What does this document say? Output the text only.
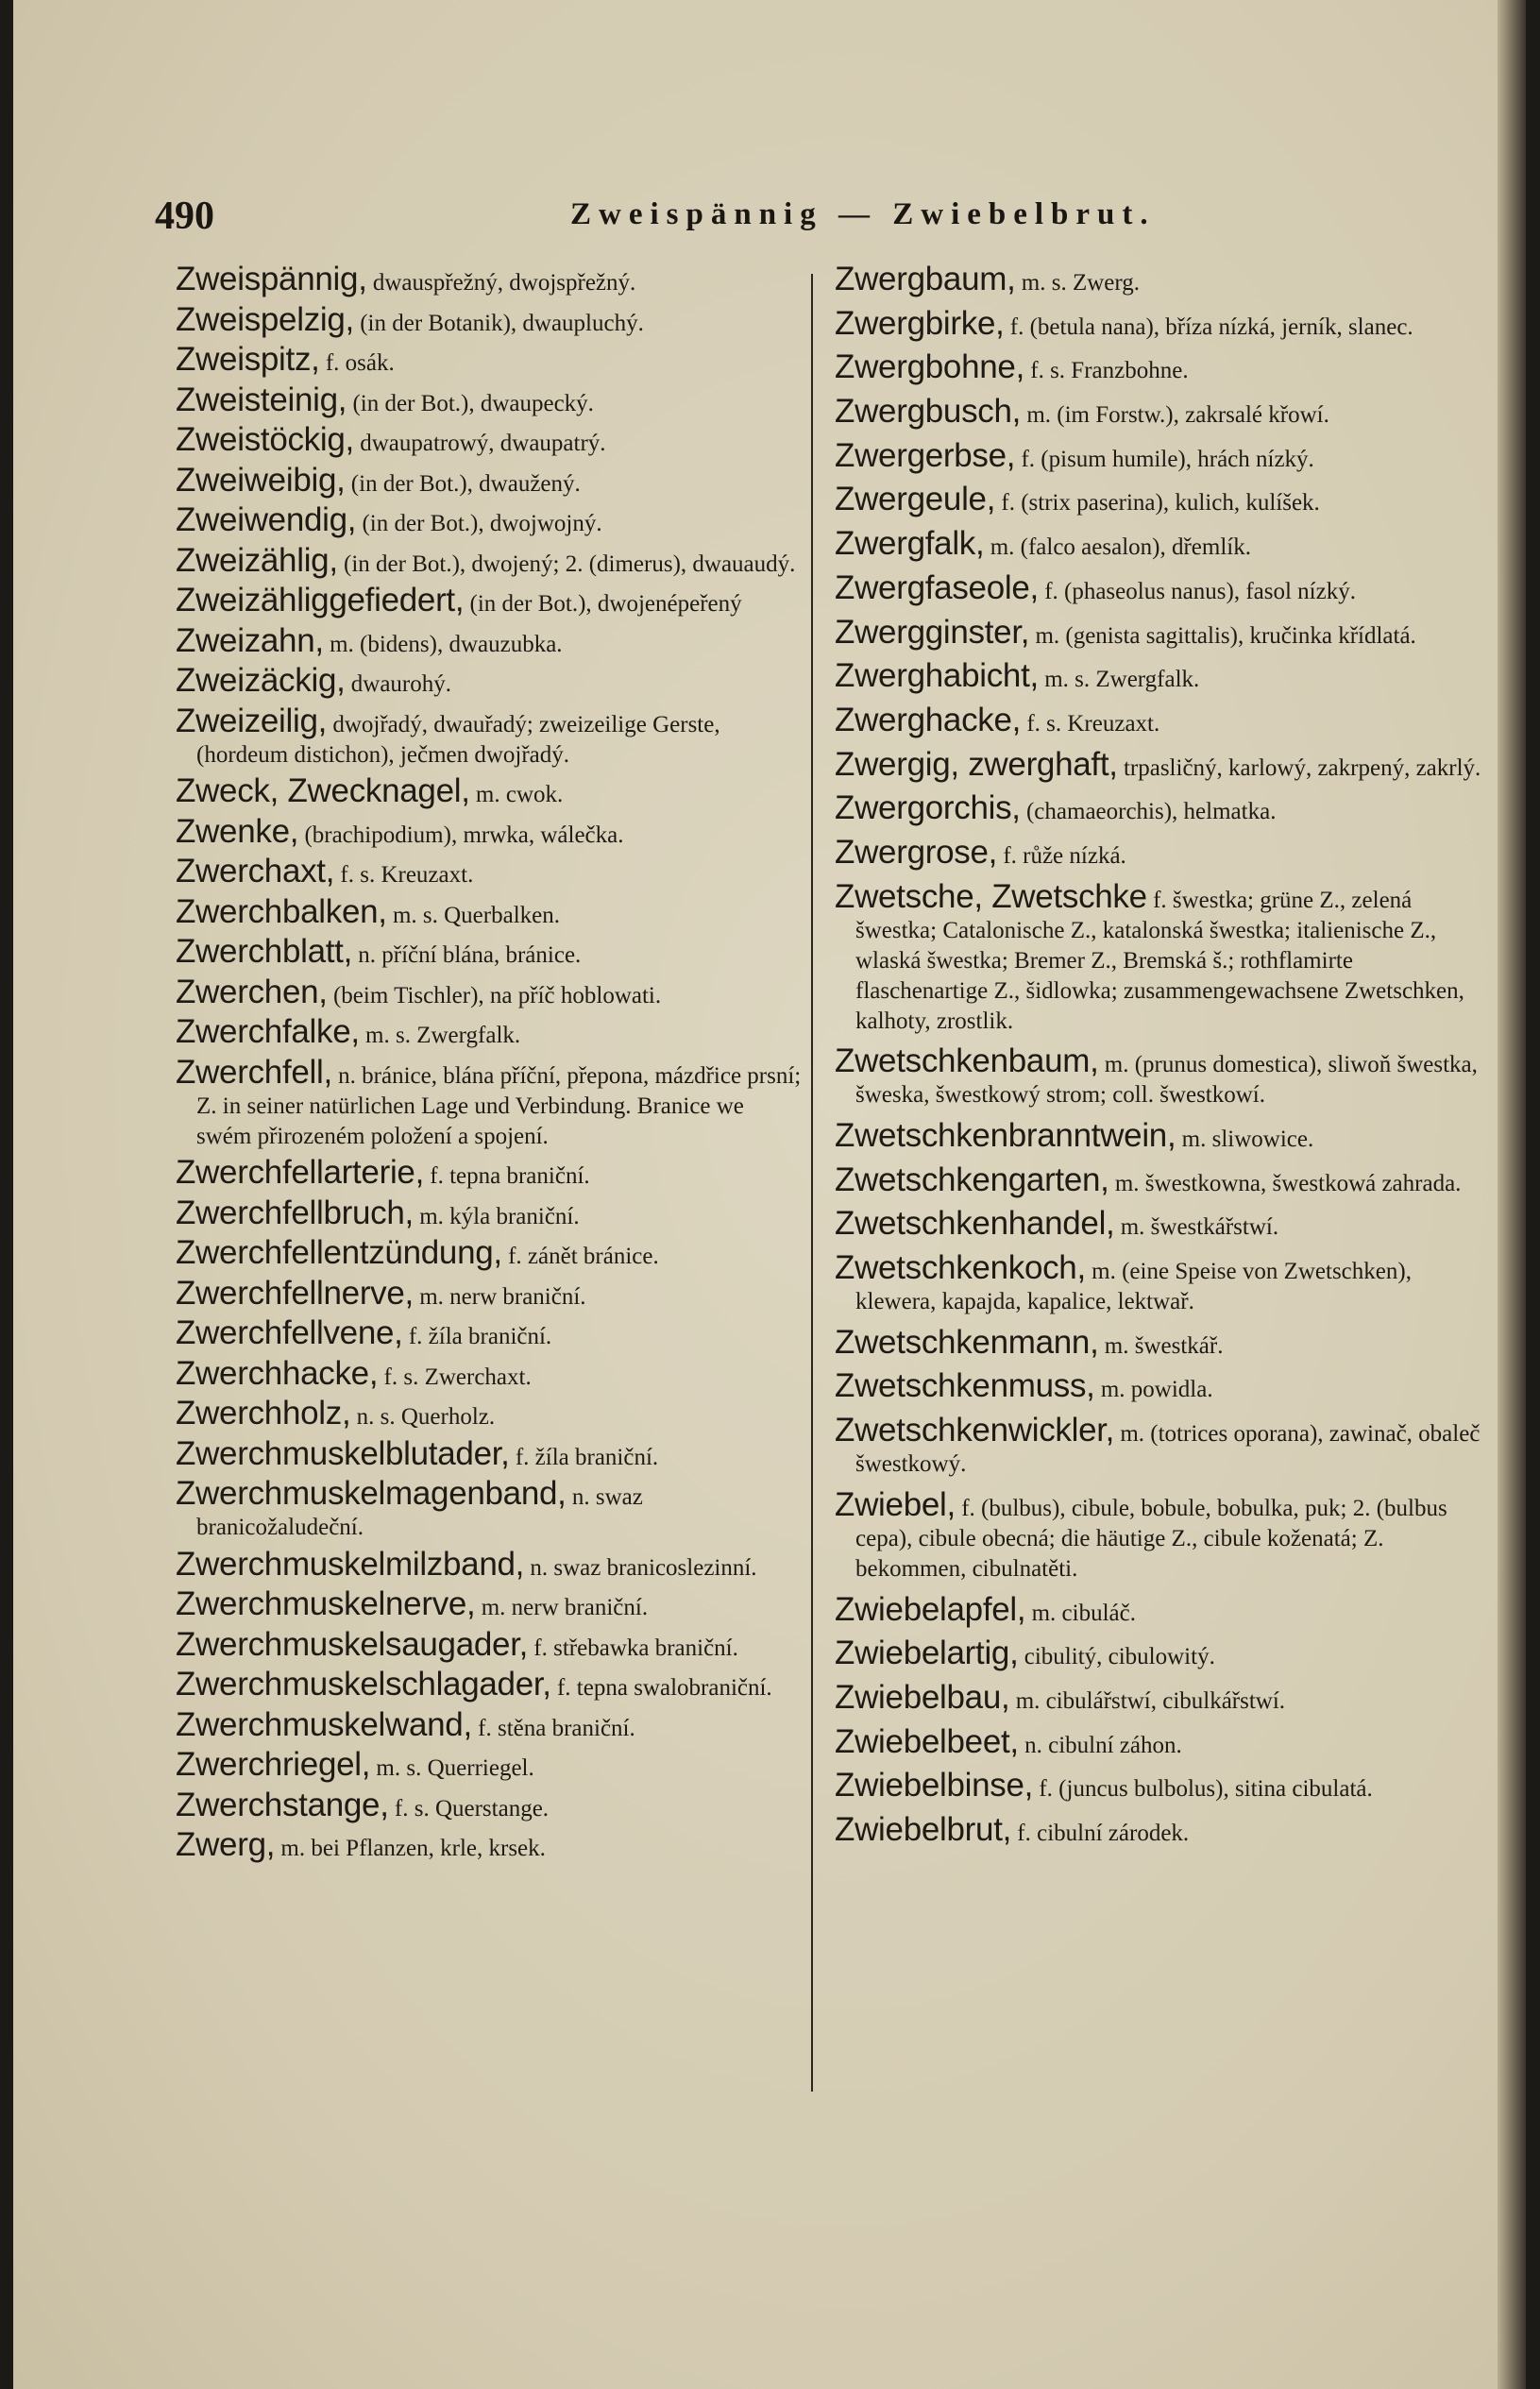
490	Zweispännig — Zwiebelbrut.
Zweispännig, dwauspřežný, dwojspřežný.
Zweispelzig, (in der Botanik), dwaupluchý.
Zweispitz, f. osák.
Zweisteinig, (in der Bot.), dwaupecký.
Zweistöckig, dwaupatrowý, dwaupatrý.
Zweiweibig, (in der Bot.), dwaužený.
Zweiwendig, (in der Bot.), dwojwojný.
Zweizählig, (in der Bot.), dwojený; 2. (dimerus), dwauaudý.
Zweizähliggefiedert, (in der Bot.), dwojenépeřený
Zweizahn, m. (bidens), dwauzubka.
Zweizäckig, dwaurohý.
Zweizeilig, dwojřadý, dwauřadý; zweizeilige Gerste, (hordeum distichon), ječmen dwojřadý.
Zweck, Zwecknagel, m. cwok.
Zwenke, (brachipodium), mrwka, wálečka.
Zwerchaxt, f. s. Kreuzaxt.
Zwerchbalken, m. s. Querbalken.
Zwerchblatt, n. příční blána, bránice.
Zwerchen, (beim Tischler), na příč hoblowati.
Zwerchfalke, m. s. Zwergfalk.
Zwerchfell, n. bránice, blána příční, přepona, mázdřice prsní; Z. in seiner natürlichen Lage und Verbindung. Branice we swém přirozeném položení a spojení.
Zwerchfellarterie, f. tepna braniční.
Zwerchfellbruch, m. kýla braniční.
Zwerchfellentzündung, f. zánět bránice.
Zwerchfellnerve, m. nerw braniční.
Zwerchfellvene, f. žíla braniční.
Zwerchhacke, f. s. Zwerchaxt.
Zwerchholz, n. s. Querholz.
Zwerchmuskelblutader, f. žíla braniční.
Zwerchmuskelmagenband, n. swaz branicožaludeční.
Zwerchmuskelmilzband, n. swaz branicoslezinní.
Zwerchmuskelnerve, m. nerw braniční.
Zwerchmuskelsaugader, f. střebawka braniční.
Zwerchmuskelschlagader, f. tepna swalobraniční.
Zwerchmuskelwand, f. stěna braniční.
Zwerchriegel, m. s. Querriegel.
Zwerchstange, f. s. Querstange.
Zwerg, m. bei Pflanzen, krle, krsek.
Zwergbaum, m. s. Zwerg.
Zwergbirke, f. (betula nana), bříza nízká, jerník, slanec.
Zwergbohne, f. s. Franzbohne.
Zwergbusch, m. (im Forstw.), zakrsalé křowí.
Zwergerbse, f. (pisum humile), hrách nízký.
Zwergeule, f. (strix paserina), kulich, kulíšek.
Zwergfalk, m. (falco aesalon), dřemlík.
Zwergfaseole, f. (phaseolus nanus), fasol nízký.
Zwergginster, m. (genista sagittalis), kručinka křídlatá.
Zwerghabicht, m. s. Zwergfalk.
Zwerghacke, f. s. Kreuzaxt.
Zwergig, zwerghaft, trpasličný, karlowý, zakrpený, zakrlý.
Zwergorchis, (chamaeorchis), helmatka.
Zwergrose, f. růže nízká.
Zwetsche, Zwetschke f. šwestka; grüne Z., zelená šwestka; Catalonische Z., katalonská šwestka; italienische Z., wlaská šwestka; Bremer Z., Bremská š.; rothflamirte flaschenartige Z., šidlowka; zusammengewachsene Zwetschken, kalhoty, zrostlik.
Zwetschkenbaum, m. (prunus domestica), sliwoň šwestka, šweska, šwestkowý strom; coll. šwestkowí.
Zwetschkenbranntwein, m. sliwowice.
Zwetschkengarten, m. šwestkowna, šwestkowá zahrada.
Zwetschkenhandel, m. šwestkářstwí.
Zwetschkenkoch, m. (eine Speise von Zwetschken), klewera, kapajda, kapalice, lektwař.
Zwetschkenmann, m. šwestkář.
Zwetschkenmuss, m. powidla.
Zwetschkenwickler, m. (totrices oporana), zawinač, obaleč šwestkowý.
Zwiebel, f. (bulbus), cibule, bobule, bobulka, puk; 2. (bulbus cepa), cibule obecná; die häutige Z., cibule koženatá; Z. bekommen, cibulnatěti.
Zwiebelapfel, m. cibuláč.
Zwiebelartig, cibulitý, cibulowitý.
Zwiebelbau, m. cibulářstwí, cibulkářstwí.
Zwiebelbeet, n. cibulní záhon.
Zwiebelbinse, f. (juncus bulbolus), sitina cibulatá.
Zwiebelbrut, f. cibulní zárodek.
